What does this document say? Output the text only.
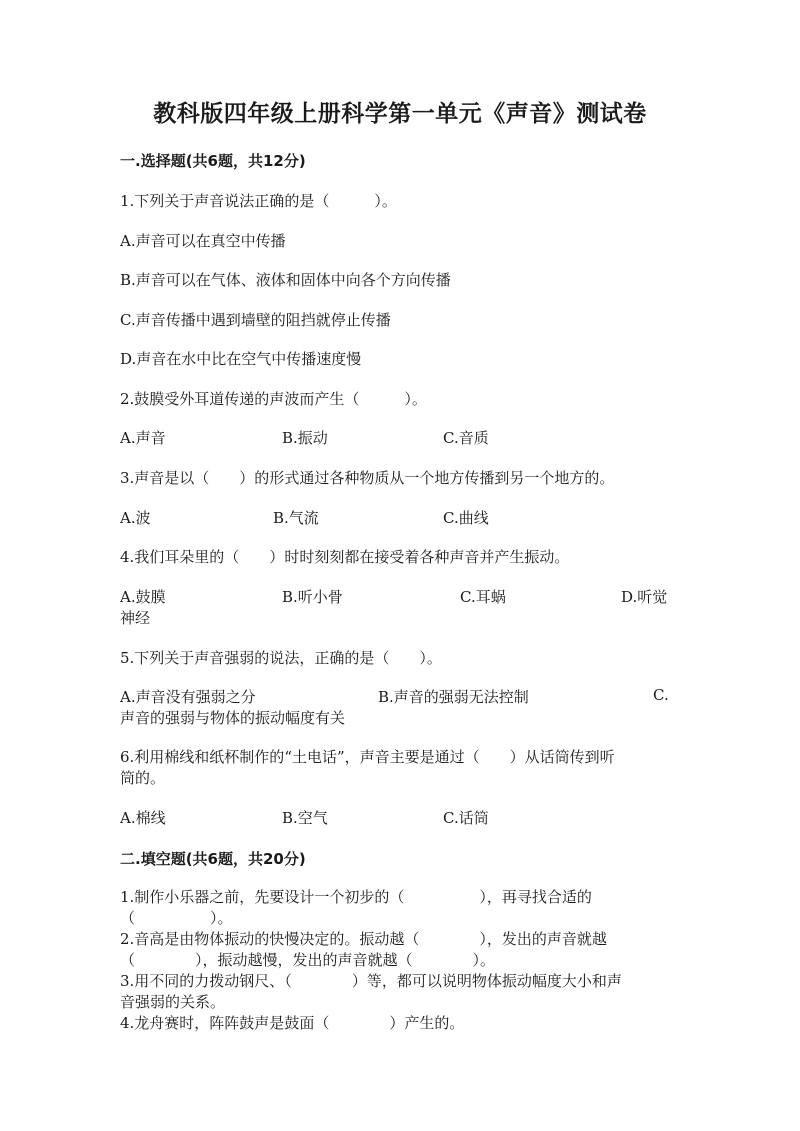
教科版四年级上册科学第一单元《声音》测试卷
一.选择题(共6题，共12分)
1.下列关于声音说法正确的是（　　　）。
A.声音可以在真空中传播
B.声音可以在气体、液体和固体中向各个方向传播
C.声音传播中遇到墙壁的阻挡就停止传播
D.声音在水中比在空气中传播速度慢
2.鼓膜受外耳道传递的声波而产生（　　　）。
A.声音	B.振动	C.音质
3.声音是以（　　）的形式通过各种物质从一个地方传播到另一个地方的。
A.波	B.气流	C.曲线
4.我们耳朵里的（　　）时时刻刻都在接受着各种声音并产生振动。
A.鼓膜	B.听小骨	C.耳蜗	D.听觉
神经
5.下列关于声音强弱的说法，正确的是（　　）。
A.声音没有强弱之分	B.声音的强弱无法控制	C.
声音的强弱与物体的振动幅度有关
6.利用棉线和纸杯制作的“土电话”，声音主要是通过（　　）从话筒传到听
筒的。
A.棉线	B.空气	C.话筒
二.填空题(共6题，共20分)
1.制作小乐器之前，先要设计一个初步的（　　　　　），再寻找合适的
（　　　　　）。
2.音高是由物体振动的快慢决定的。振动越（　　　　），发出的声音就越
（　　　　），振动越慢，发出的声音就越（　　　　）。
3.用不同的力拨动钢尺、（　　　　）等，都可以说明物体振动幅度大小和声
音强弱的关系。
4.龙舟赛时，阵阵鼓声是鼓面（　　　　）产生的。
